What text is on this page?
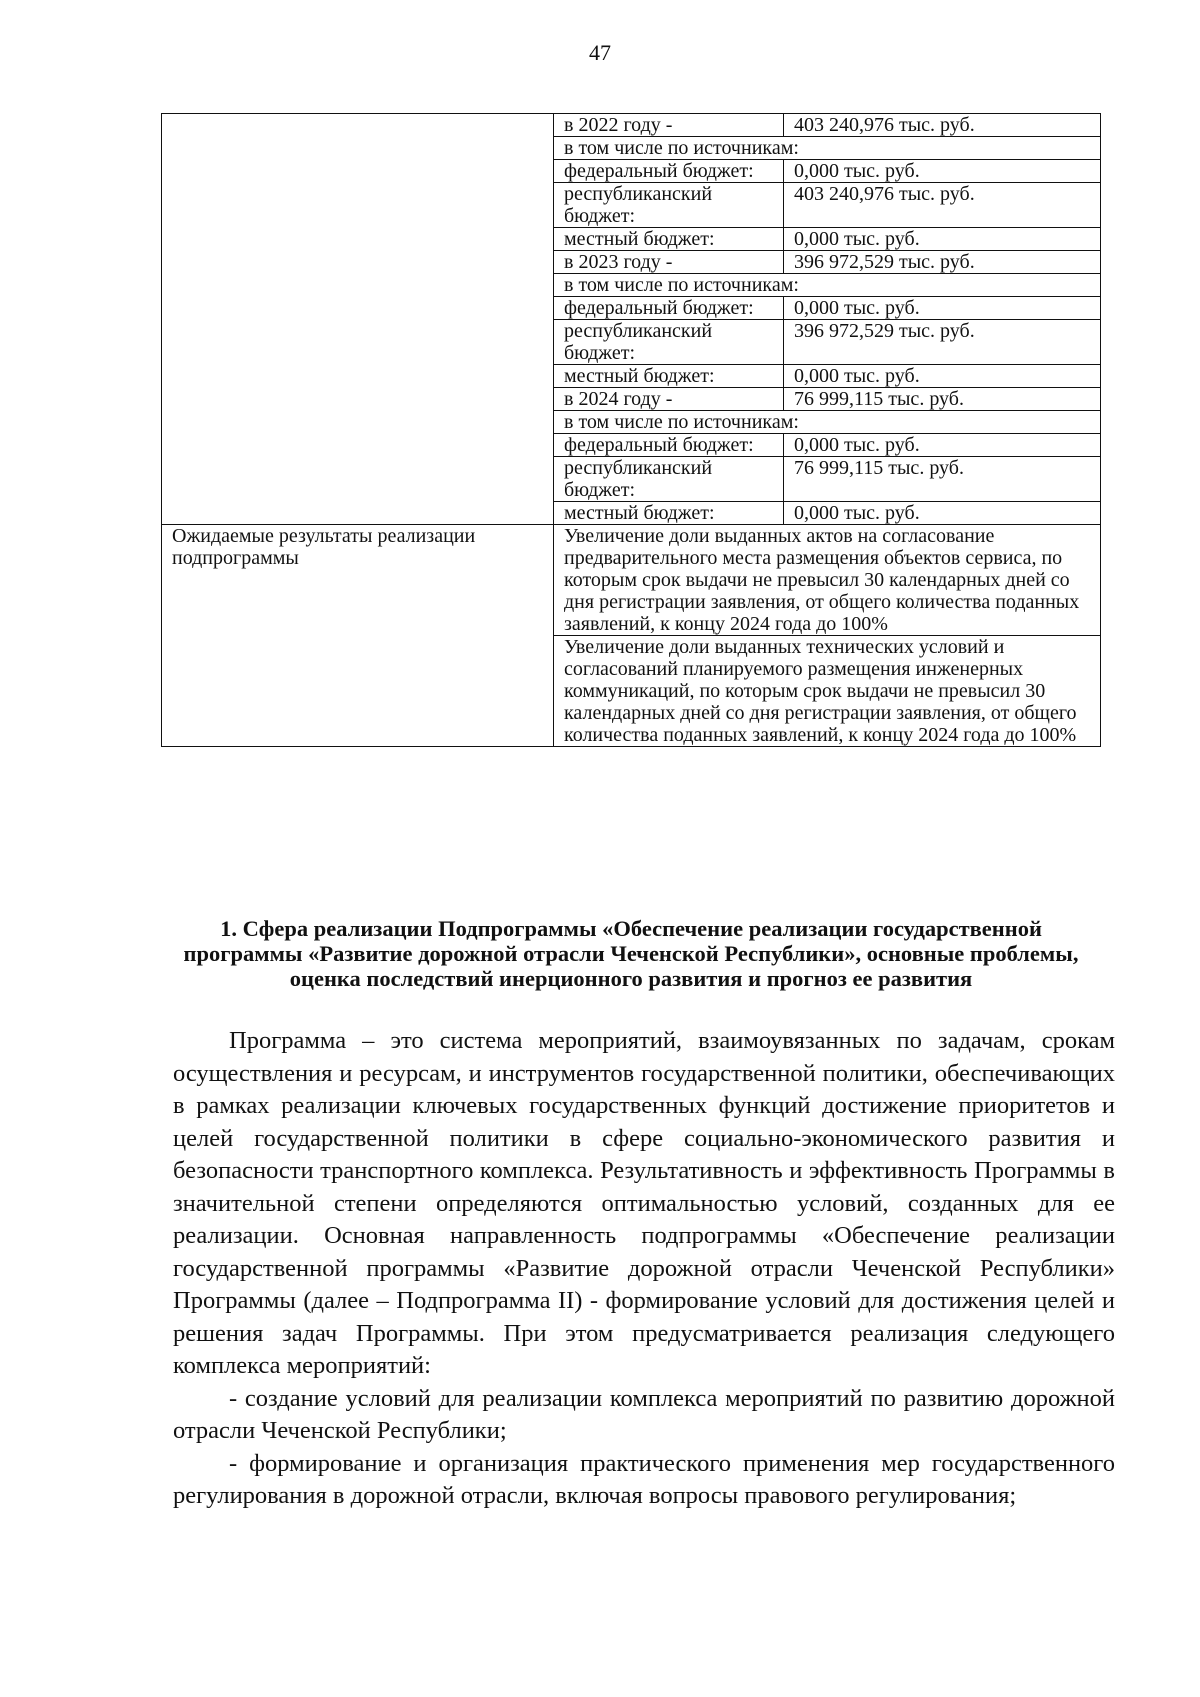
47
	в 2022 году -	403 240,976 тыс. руб.
	в том числе по источникам:	
	федеральный бюджет:	0,000 тыс. руб.
	республиканский бюджет:	403 240,976 тыс. руб.
	местный бюджет:	0,000 тыс. руб.
	в 2023 году -	396 972,529 тыс. руб.
	в том числе по источникам:	
	федеральный бюджет:	0,000 тыс. руб.
	республиканский бюджет:	396 972,529 тыс. руб.
	местный бюджет:	0,000 тыс. руб.
	в 2024 году -	76 999,115 тыс. руб.
	в том числе по источникам:	
	федеральный бюджет:	0,000 тыс. руб.
	республиканский бюджет:	76 999,115 тыс. руб.
	местный бюджет:	0,000 тыс. руб.
Ожидаемые результаты реализации подпрограммы	Увеличение доли выданных актов на согласование предварительного места размещения объектов сервиса, по которым срок выдачи не превысил 30 календарных дней со дня регистрации заявления, от общего количества поданных заявлений, к концу 2024 года до 100%	
	Увеличение доли выданных технических условий и согласований планируемого размещения инженерных коммуникаций, по которым срок выдачи не превысил 30 календарных дней со дня регистрации заявления, от общего количества поданных заявлений, к концу 2024 года до 100%	
1. Сфера реализации Подпрограммы «Обеспечение реализации государственной программы «Развитие дорожной отрасли Чеченской Республики», основные проблемы, оценка последствий инерционного развития и прогноз ее развития

Программа – это система мероприятий, взаимоувязанных по задачам, срокам осуществления и ресурсам, и инструментов государственной политики, обеспечивающих в рамках реализации ключевых государственных функций достижение приоритетов и целей государственной политики в сфере социально-экономического развития и безопасности транспортного комплекса. Результативность и эффективность Программы в значительной степени определяются оптимальностью условий, созданных для ее реализации. Основная направленность подпрограммы «Обеспечение реализации государственной программы «Развитие дорожной отрасли Чеченской Республики» Программы (далее – Подпрограмма II) - формирование условий для достижения целей и решения задач Программы. При этом предусматривается реализация следующего комплекса мероприятий:

- создание условий для реализации комплекса мероприятий по развитию дорожной отрасли Чеченской Республики;

- формирование и организация практического применения мер государственного регулирования в дорожной отрасли, включая вопросы правового регулирования;
